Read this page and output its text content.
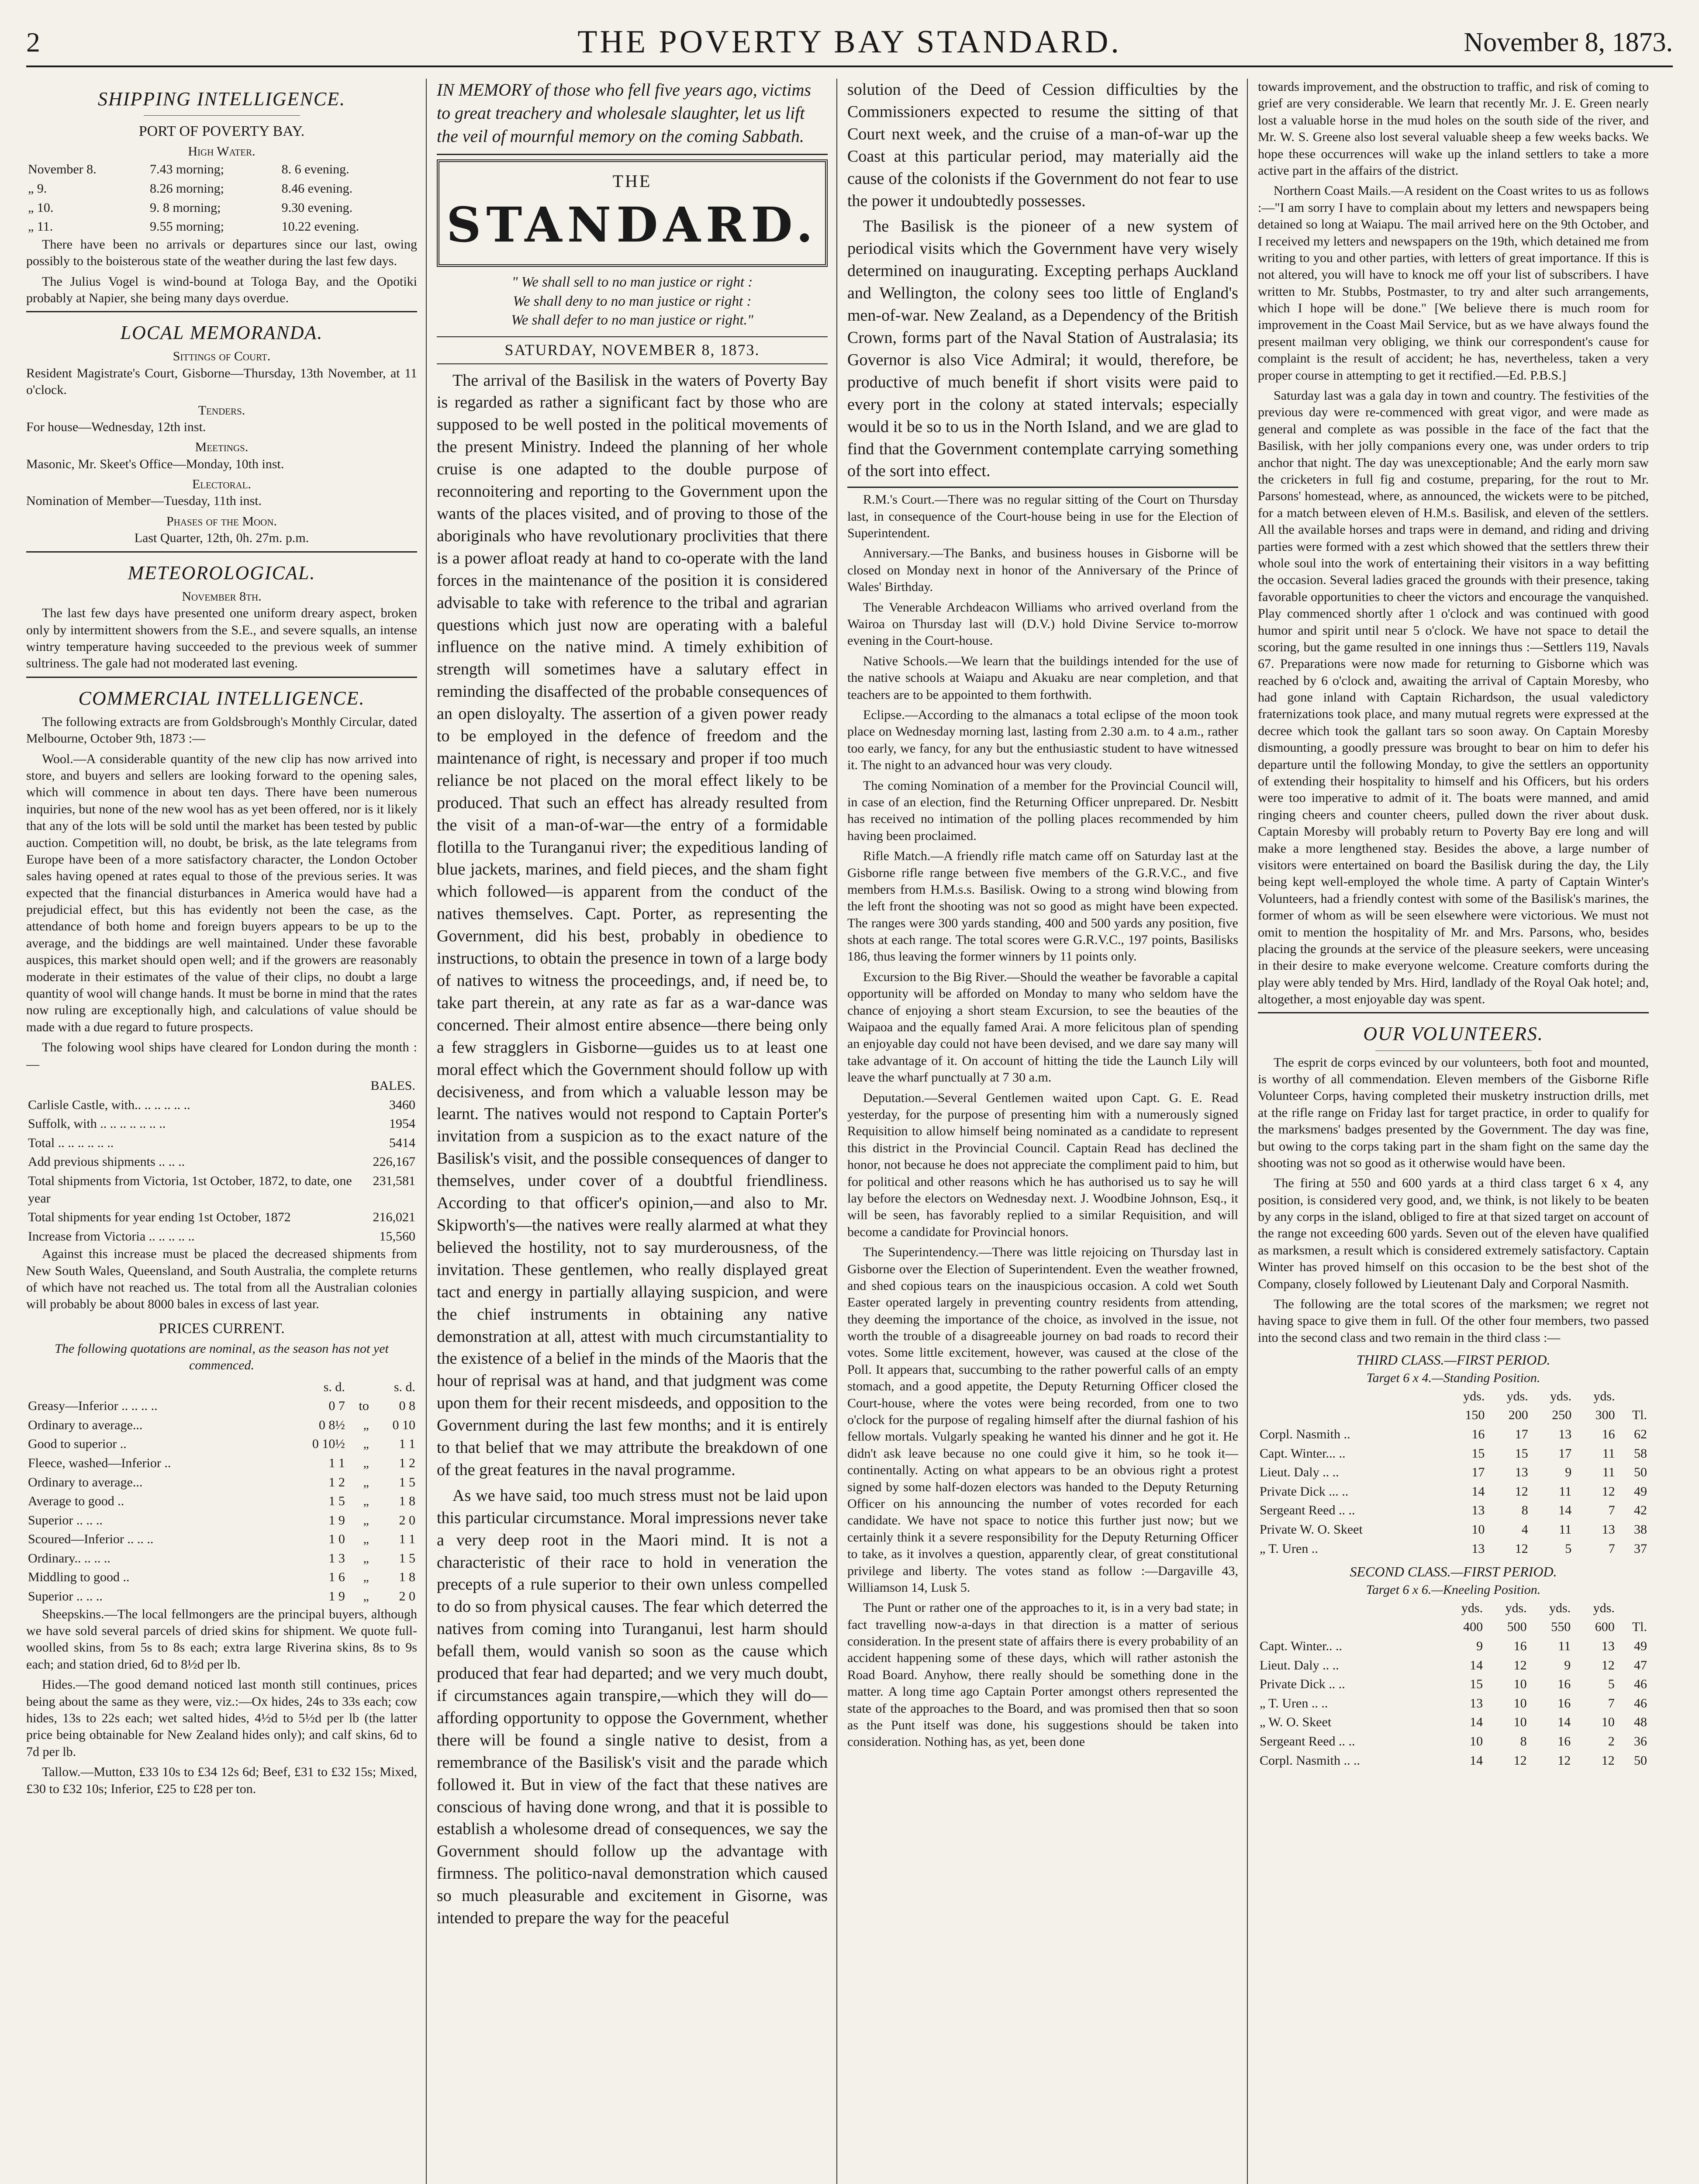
2	THE POVERTY BAY STANDARD.	November 8, 1873.
SHIPPING INTELLIGENCE.
PORT OF POVERTY BAY.
High Water.
November 8.	7.43 morning;	8. 6 evening.
„ 9.	8.26 morning;	8.46 evening.
„ 10.	9. 8 morning;	9.30 evening.
„ 11.	9.55 morning;	10.22 evening.

There have been no arrivals or departures since our last, owing possibly to the boisterous state of the weather during the last few days.

The Julius Vogel is wind-bound at Tologa Bay, and the Opotiki probably at Napier, she being many days overdue.

LOCAL MEMORANDA.
Sittings of Court.

Resident Magistrate's Court, Gisborne—Thursday, 13th November, at 11 o'clock.

Tenders.

For house—Wednesday, 12th inst.

Meetings.

Masonic, Mr. Skeet's Office—Monday, 10th inst.

Electoral.

Nomination of Member—Tuesday, 11th inst.

Phases of the Moon.

Last Quarter, 12th, 0h. 27m. p.m.

METEOROLOGICAL.
November 8th.

The last few days have presented one uniform dreary aspect, broken only by intermittent showers from the S.E., and severe squalls, an intense wintry temperature having succeeded to the previous week of summer sultriness. The gale had not moderated last evening.

COMMERCIAL INTELLIGENCE.

The following extracts are from Goldsbrough's Monthly Circular, dated Melbourne, October 9th, 1873 :—

Wool.—A considerable quantity of the new clip has now arrived into store, and buyers and sellers are looking forward to the opening sales, which will commence in about ten days. There have been numerous inquiries, but none of the new wool has as yet been offered, nor is it likely that any of the lots will be sold until the market has been tested by public auction. Competition will, no doubt, be brisk, as the late telegrams from Europe have been of a more satisfactory character, the London October sales having opened at rates equal to those of the previous series. It was expected that the financial disturbances in America would have had a prejudicial effect, but this has evidently not been the case, as the attendance of both home and foreign buyers appears to be up to the average, and the biddings are well maintained. Under these favorable auspices, this market should open well; and if the growers are reasonably moderate in their estimates of the value of their clips, no doubt a large quantity of wool will change hands. It must be borne in mind that the rates now ruling are exceptionally high, and calculations of value should be made with a due regard to future prospects.

The folowing wool ships have cleared for London during the month :—

	BALES.
Carlisle Castle, with.. .. .. .. .. ..	3460
Suffolk, with .. .. .. .. .. .. ..	1954
Total .. .. .. .. .. ..	5414
Add previous shipments .. .. ..	226,167
Total shipments from Victoria, 1st October, 1872, to date, one year	231,581
Total shipments for year ending 1st October, 1872	216,021
Increase from Victoria .. .. .. .. ..	15,560

Against this increase must be placed the decreased shipments from New South Wales, Queensland, and South Australia, the complete returns of which have not reached us. The total from all the Australian colonies will probably be about 8000 bales in excess of last year.

PRICES CURRENT.

The following quotations are nominal, as the season has not yet commenced.

	s. d.		s. d.
Greasy—Inferior .. .. .. ..	0 7	to	0 8
Ordinary to average...	0 8½	„	0 10
Good to superior ..	0 10½	„	1 1
Fleece, washed—Inferior ..	1 1	„	1 2
Ordinary to average...	1 2	„	1 5
Average to good ..	1 5	„	1 8
Superior .. .. ..	1 9	„	2 0
Scoured—Inferior .. .. ..	1 0	„	1 1
Ordinary.. .. .. ..	1 3	„	1 5
Middling to good ..	1 6	„	1 8
Superior .. .. ..	1 9	„	2 0

Sheepskins.—The local fellmongers are the principal buyers, although we have sold several parcels of dried skins for shipment. We quote full-woolled skins, from 5s to 8s each; extra large Riverina skins, 8s to 9s each; and station dried, 6d to 8½d per lb.

Hides.—The good demand noticed last month still continues, prices being about the same as they were, viz.:—Ox hides, 24s to 33s each; cow hides, 13s to 22s each; wet salted hides, 4½d to 5½d per lb (the latter price being obtainable for New Zealand hides only); and calf skins, 6d to 7d per lb.

Tallow.—Mutton, £33 10s to £34 12s 6d; Beef, £31 to £32 15s; Mixed, £30 to £32 10s; Inferior, £25 to £28 per ton.

IN MEMORY of those who fell five years ago, victims to great treachery and wholesale slaughter, let us lift the veil of mournful memory on the coming Sabbath.
THE
STANDARD.
" We shall sell to no man justice or right :
We shall deny to no man justice or right :
We shall defer to no man justice or right."
SATURDAY, NOVEMBER 8, 1873.

The arrival of the Basilisk in the waters of Poverty Bay is regarded as rather a significant fact by those who are supposed to be well posted in the political movements of the present Ministry. Indeed the planning of her whole cruise is one adapted to the double purpose of reconnoitering and reporting to the Government upon the wants of the places visited, and of proving to those of the aboriginals who have revolutionary proclivities that there is a power afloat ready at hand to co-operate with the land forces in the maintenance of the position it is considered advisable to take with reference to the tribal and agrarian questions which just now are operating with a baleful influence on the native mind. A timely exhibition of strength will sometimes have a salutary effect in reminding the disaffected of the probable consequences of an open disloyalty. The assertion of a given power ready to be employed in the defence of freedom and the maintenance of right, is necessary and proper if too much reliance be not placed on the moral effect likely to be produced. That such an effect has already resulted from the visit of a man-of-war—the entry of a formidable flotilla to the Turanganui river; the expeditious landing of blue jackets, marines, and field pieces, and the sham fight which followed—is apparent from the conduct of the natives themselves. Capt. Porter, as representing the Government, did his best, probably in obedience to instructions, to obtain the presence in town of a large body of natives to witness the proceedings, and, if need be, to take part therein, at any rate as far as a war-dance was concerned. Their almost entire absence—there being only a few stragglers in Gisborne—guides us to at least one moral effect which the Government should follow up with decisiveness, and from which a valuable lesson may be learnt. The natives would not respond to Captain Porter's invitation from a suspicion as to the exact nature of the Basilisk's visit, and the possible consequences of danger to themselves, under cover of a doubtful friendliness. According to that officer's opinion,—and also to Mr. Skipworth's—the natives were really alarmed at what they believed the hostility, not to say murderousness, of the invitation. These gentlemen, who really displayed great tact and energy in partially allaying suspicion, and were the chief instruments in obtaining any native demonstration at all, attest with much circumstantiality to the existence of a belief in the minds of the Maoris that the hour of reprisal was at hand, and that judgment was come upon them for their recent misdeeds, and opposition to the Government during the last few months; and it is entirely to that belief that we may attribute the breakdown of one of the great features in the naval programme.

As we have said, too much stress must not be laid upon this particular circumstance. Moral impressions never take a very deep root in the Maori mind. It is not a characteristic of their race to hold in veneration the precepts of a rule superior to their own unless compelled to do so from physical causes. The fear which deterred the natives from coming into Turanganui, lest harm should befall them, would vanish so soon as the cause which produced that fear had departed; and we very much doubt, if circumstances again transpire,—which they will do—affording opportunity to oppose the Government, whether there will be found a single native to desist, from a remembrance of the Basilisk's visit and the parade which followed it. But in view of the fact that these natives are conscious of having done wrong, and that it is possible to establish a wholesome dread of consequences, we say the Government should follow up the advantage with firmness. The politico-naval demonstration which caused so much pleasurable and excitement in Gisorne, was intended to prepare the way for the peaceful

solution of the Deed of Cession difficulties by the Commissioners expected to resume the sitting of that Court next week, and the cruise of a man-of-war up the Coast at this particular period, may materially aid the cause of the colonists if the Government do not fear to use the power it undoubtedly possesses.

The Basilisk is the pioneer of a new system of periodical visits which the Government have very wisely determined on inaugurating. Excepting perhaps Auckland and Wellington, the colony sees too little of England's men-of-war. New Zealand, as a Dependency of the British Crown, forms part of the Naval Station of Australasia; its Governor is also Vice Admiral; it would, therefore, be productive of much benefit if short visits were paid to every port in the colony at stated intervals; especially would it be so to us in the North Island, and we are glad to find that the Government contemplate carrying something of the sort into effect.

R.M.'s Court.—There was no regular sitting of the Court on Thursday last, in consequence of the Court-house being in use for the Election of Superintendent.

Anniversary.—The Banks, and business houses in Gisborne will be closed on Monday next in honor of the Anniversary of the Prince of Wales' Birthday.

The Venerable Archdeacon Williams who arrived overland from the Wairoa on Thursday last will (D.V.) hold Divine Service to-morrow evening in the Court-house.

Native Schools.—We learn that the buildings intended for the use of the native schools at Waiapu and Akuaku are near completion, and that teachers are to be appointed to them forthwith.

Eclipse.—According to the almanacs a total eclipse of the moon took place on Wednesday morning last, lasting from 2.30 a.m. to 4 a.m., rather too early, we fancy, for any but the enthusiastic student to have witnessed it. The night to an advanced hour was very cloudy.

The coming Nomination of a member for the Provincial Council will, in case of an election, find the Returning Officer unprepared. Dr. Nesbitt has received no intimation of the polling places recommended by him having been proclaimed.

Rifle Match.—A friendly rifle match came off on Saturday last at the Gisborne rifle range between five members of the G.R.V.C., and five members from H.M.s.s. Basilisk. Owing to a strong wind blowing from the left front the shooting was not so good as might have been expected. The ranges were 300 yards standing, 400 and 500 yards any position, five shots at each range. The total scores were G.R.V.C., 197 points, Basilisks 186, thus leaving the former winners by 11 points only.

Excursion to the Big River.—Should the weather be favorable a capital opportunity will be afforded on Monday to many who seldom have the chance of enjoying a short steam Excursion, to see the beauties of the Waipaoa and the equally famed Arai. A more felicitous plan of spending an enjoyable day could not have been devised, and we dare say many will take advantage of it. On account of hitting the tide the Launch Lily will leave the wharf punctually at 7 30 a.m.

Deputation.—Several Gentlemen waited upon Capt. G. E. Read yesterday, for the purpose of presenting him with a numerously signed Requisition to allow himself being nominated as a candidate to represent this district in the Provincial Council. Captain Read has declined the honor, not because he does not appreciate the compliment paid to him, but for political and other reasons which he has authorised us to say he will lay before the electors on Wednesday next. J. Woodbine Johnson, Esq., it will be seen, has favorably replied to a similar Requisition, and will become a candidate for Provincial honors.

The Superintendency.—There was little rejoicing on Thursday last in Gisborne over the Election of Superintendent. Even the weather frowned, and shed copious tears on the inauspicious occasion. A cold wet South Easter operated largely in preventing country residents from attending, they deeming the importance of the choice, as involved in the issue, not worth the trouble of a disagreeable journey on bad roads to record their votes. Some little excitement, however, was caused at the close of the Poll. It appears that, succumbing to the rather powerful calls of an empty stomach, and a good appetite, the Deputy Returning Officer closed the Court-house, where the votes were being recorded, from one to two o'clock for the purpose of regaling himself after the diurnal fashion of his fellow mortals. Vulgarly speaking he wanted his dinner and he got it. He didn't ask leave because no one could give it him, so he took it—continentally. Acting on what appears to be an obvious right a protest signed by some half-dozen electors was handed to the Deputy Returning Officer on his announcing the number of votes recorded for each candidate. We have not space to notice this further just now; but we certainly think it a severe responsibility for the Deputy Returning Officer to take, as it involves a question, apparently clear, of great constitutional privilege and liberty. The votes stand as follow :—Dargaville 43, Williamson 14, Lusk 5.

The Punt or rather one of the approaches to it, is in a very bad state; in fact travelling now-a-days in that direction is a matter of serious consideration. In the present state of affairs there is every probability of an accident happening some of these days, which will rather astonish the Road Board. Anyhow, there really should be something done in the matter. A long time ago Captain Porter amongst others represented the state of the approaches to the Board, and was promised then that so soon as the Punt itself was done, his suggestions should be taken into consideration. Nothing has, as yet, been done

towards improvement, and the obstruction to traffic, and risk of coming to grief are very considerable. We learn that recently Mr. J. E. Green nearly lost a valuable horse in the mud holes on the south side of the river, and Mr. W. S. Greene also lost several valuable sheep a few weeks backs. We hope these occurrences will wake up the inland settlers to take a more active part in the affairs of the district.

Northern Coast Mails.—A resident on the Coast writes to us as follows :—"I am sorry I have to complain about my letters and newspapers being detained so long at Waiapu. The mail arrived here on the 9th October, and I received my letters and newspapers on the 19th, which detained me from writing to you and other parties, with letters of great importance. If this is not altered, you will have to knock me off your list of subscribers. I have written to Mr. Stubbs, Postmaster, to try and alter such arrangements, which I hope will be done." [We believe there is much room for improvement in the Coast Mail Service, but as we have always found the present mailman very obliging, we think our correspondent's cause for complaint is the result of accident; he has, nevertheless, taken a very proper course in attempting to get it rectified.—Ed. P.B.S.]

Saturday last was a gala day in town and country. The festivities of the previous day were re-commenced with great vigor, and were made as general and complete as was possible in the face of the fact that the Basilisk, with her jolly companions every one, was under orders to trip anchor that night. The day was unexceptionable; And the early morn saw the cricketers in full fig and costume, preparing, for the rout to Mr. Parsons' homestead, where, as announced, the wickets were to be pitched, for a match between eleven of H.M.s. Basilisk, and eleven of the settlers. All the available horses and traps were in demand, and riding and driving parties were formed with a zest which showed that the settlers threw their whole soul into the work of entertaining their visitors in a way befitting the occasion. Several ladies graced the grounds with their presence, taking favorable opportunities to cheer the victors and encourage the vanquished. Play commenced shortly after 1 o'clock and was continued with good humor and spirit until near 5 o'clock. We have not space to detail the scoring, but the game resulted in one innings thus :—Settlers 119, Navals 67. Preparations were now made for returning to Gisborne which was reached by 6 o'clock and, awaiting the arrival of Captain Moresby, who had gone inland with Captain Richardson, the usual valedictory fraternizations took place, and many mutual regrets were expressed at the decree which took the gallant tars so soon away. On Captain Moresby dismounting, a goodly pressure was brought to bear on him to defer his departure until the following Monday, to give the settlers an opportunity of extending their hospitality to himself and his Officers, but his orders were too imperative to admit of it. The boats were manned, and amid ringing cheers and counter cheers, pulled down the river about dusk. Captain Moresby will probably return to Poverty Bay ere long and will make a more lengthened stay. Besides the above, a large number of visitors were entertained on board the Basilisk during the day, the Lily being kept well-employed the whole time. A party of Captain Winter's Volunteers, had a friendly contest with some of the Basilisk's marines, the former of whom as will be seen elsewhere were victorious. We must not omit to mention the hospitality of Mr. and Mrs. Parsons, who, besides placing the grounds at the service of the pleasure seekers, were unceasing in their desire to make everyone welcome. Creature comforts during the play were ably tended by Mrs. Hird, landlady of the Royal Oak hotel; and, altogether, a most enjoyable day was spent.

OUR VOLUNTEERS.

The esprit de corps evinced by our volunteers, both foot and mounted, is worthy of all commendation. Eleven members of the Gisborne Rifle Volunteer Corps, having completed their musketry instruction drills, met at the rifle range on Friday last for target practice, in order to qualify for the marksmens' badges presented by the Government. The day was fine, but owing to the corps taking part in the sham fight on the same day the shooting was not so good as it otherwise would have been.

The firing at 550 and 600 yards at a third class target 6 x 4, any position, is considered very good, and, we think, is not likely to be beaten by any corps in the island, obliged to fire at that sized target on account of the range not exceeding 600 yards. Seven out of the eleven have qualified as marksmen, a result which is considered extremely satisfactory. Captain Winter has proved himself on this occasion to be the best shot of the Company, closely followed by Lieutenant Daly and Corporal Nasmith.

The following are the total scores of the marksmen; we regret not having space to give them in full. Of the other four members, two passed into the second class and two remain in the third class :—

THIRD CLASS.—FIRST PERIOD.
Target 6 x 4.—Standing Position.
	yds.	yds.	yds.	yds.	
	150	200	250	300	Tl.
Corpl. Nasmith ..	16	17	13	16	62
Capt. Winter... ..	15	15	17	11	58
Lieut. Daly .. ..	17	13	9	11	50
Private Dick ... ..	14	12	11	12	49
Sergeant Reed .. ..	13	8	14	7	42
Private W. O. Skeet	10	4	11	13	38
„ T. Uren ..	13	12	5	7	37
SECOND CLASS.—FIRST PERIOD.
Target 6 x 6.—Kneeling Position.
	yds.	yds.	yds.	yds.	
	400	500	550	600	Tl.
Capt. Winter.. ..	9	16	11	13	49
Lieut. Daly .. ..	14	12	9	12	47
Private Dick .. ..	15	10	16	5	46
„ T. Uren .. ..	13	10	16	7	46
„ W. O. Skeet	14	10	14	10	48
Sergeant Reed .. ..	10	8	16	2	36
Corpl. Nasmith .. ..	14	12	12	12	50
